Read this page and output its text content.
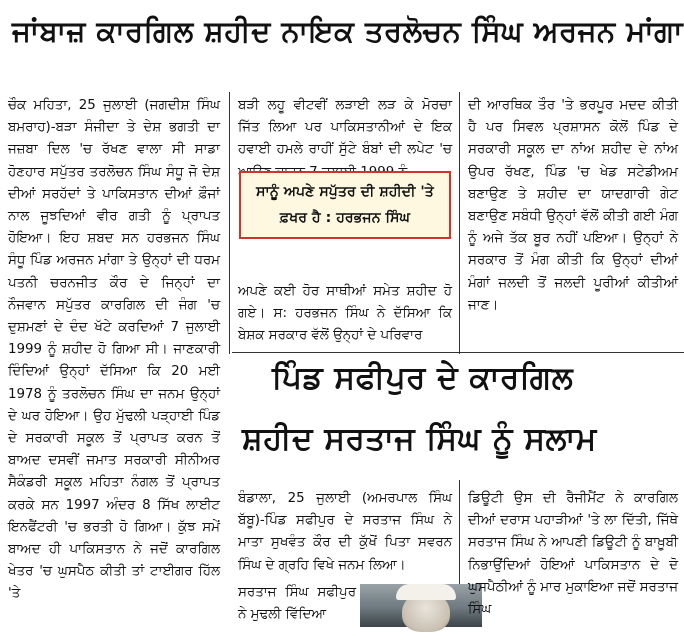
ਜਾਂਬਾਜ਼ ਕਾਰਗਿਲ ਸ਼ਹੀਦ ਨਾਇਕ ਤਰਲੋਚਨ ਸਿੰਘ ਅਰਜਨ ਮਾਂਗਾ

ਚੌਕ ਮਹਿਤਾ, 25 ਜੁਲਾਈ (ਜਗਦੀਸ਼ ਸਿੰਘ ਬਮਰਾਹ)-ਬੜਾ ਸੰਜੀਦਾ ਤੇ ਦੇਸ਼ ਭਗਤੀ ਦਾ ਜਜ਼ਬਾ ਦਿਲ 'ਚ ਰੱਖਣ ਵਾਲਾ ਸੀ ਸਾਡਾ ਹੋਣਹਾਰ ਸਪੁੱਤਰ ਤਰਲੋਚਨ ਸਿੰਘ ਸੰਧੂ ਜੋ ਦੇਸ਼ ਦੀਆਂ ਸਰਹੱਦਾਂ ਤੇ ਪਾਕਿਸਤਾਨ ਦੀਆਂ ਫ਼ੌਜਾਂ ਨਾਲ ਜੂਝਦਿਆਂ ਵੀਰ ਗਤੀ ਨੂੰ ਪ੍ਰਾਪਤ ਹੋਇਆ। ਇਹ ਸ਼ਬਦ ਸਨ ਹਰਭਜਨ ਸਿੰਘ ਸੰਧੂ ਪਿੰਡ ਅਰਜਨ ਮਾਂਗਾ ਤੇ ਉਨ੍ਹਾਂ ਦੀ ਧਰਮ ਪਤਨੀ ਚਰਨਜੀਤ ਕੌਰ ਦੇ ਜਿਨ੍ਹਾਂ ਦਾ ਨੌਜਵਾਨ ਸਪੁੱਤਰ ਕਾਰਗਿਲ ਦੀ ਜੰਗ 'ਚ ਦੁਸ਼ਮਣਾਂ ਦੇ ਦੰਦ ਖੱਟੇ ਕਰਦਿਆਂ 7 ਜੁਲਾਈ 1999 ਨੂੰ ਸ਼ਹੀਦ ਹੋ ਗਿਆ ਸੀ। ਜਾਣਕਾਰੀ ਦਿੰਦਿਆਂ ਉਨ੍ਹਾਂ ਦੱਸਿਆ ਕਿ 20 ਮਈ 1978 ਨੂੰ ਤਰਲੋਚਨ ਸਿੰਘ ਦਾ ਜਨਮ ਉਨ੍ਹਾਂ ਦੇ ਘਰ ਹੋਇਆ। ਉਹ ਮੁੱਢਲੀ ਪੜ੍ਹਾਈ ਪਿੰਡ ਦੇ ਸਰਕਾਰੀ ਸਕੂਲ ਤੋਂ ਪ੍ਰਾਪਤ ਕਰਨ ਤੋਂ ਬਾਅਦ ਦਸਵੀਂ ਜਮਾਤ ਸਰਕਾਰੀ ਸੀਨੀਅਰ ਸੈਕੰਡਰੀ ਸਕੂਲ ਮਹਿਤਾ ਨੰਗਲ ਤੋਂ ਪ੍ਰਾਪਤ ਕਰਕੇ ਸਨ 1997 ਅੰਦਰ 8 ਸਿੱਖ ਲਾਈਟ ਇਨਫੈਂਟਰੀ 'ਚ ਭਰਤੀ ਹੋ ਗਿਆ। ਕੁੱਝ ਸਮੇਂ ਬਾਅਦ ਹੀ ਪਾਕਿਸਤਾਨ ਨੇ ਜਦੋਂ ਕਾਰਗਿਲ ਖੇਤਰ 'ਚ ਘੁਸਪੈਠ ਕੀਤੀ ਤਾਂ ਟਾਈਗਰ ਹਿੱਲ 'ਤੇ

ਬੜੀ ਲਹੂ ਵੀਟਵੀਂ ਲੜਾਈ ਲੜ ਕੇ ਮੋਰਚਾ ਜਿੱਤ ਲਿਆ ਪਰ ਪਾਕਿਸਤਾਨੀਆਂ ਦੇ ਇਕ ਹਵਾਈ ਹਮਲੇ ਰਾਹੀਂ ਸੁੱਟੇ ਬੰਬਾਂ ਦੀ ਲਪੇਟ 'ਚ

ਸਾਨੂੰ ਅਪਣੇ ਸਪੁੱਤਰ ਦੀ ਸ਼ਹੀਦੀ 'ਤੇ ਫ਼ਖਰ ਹੈ : ਹਰਭਜਨ ਸਿੰਘ

ਅਪਣੇ ਕਈ ਹੋਰ ਸਾਥੀਆਂ ਸਮੇਤ ਸ਼ਹੀਦ ਹੋ ਗਏ। ਸ: ਹਰਭਜਨ ਸਿੰਘ ਨੇ ਦੱਸਿਆ ਕਿ ਬੇਸ਼ਕ ਸਰਕਾਰ ਵੱਲੋਂ ਉਨ੍ਹਾਂ ਦੇ ਪਰਿਵਾਰ

ਦੀ ਆਰਥਿਕ ਤੌਰ 'ਤੇ ਭਰਪੂਰ ਮਦਦ ਕੀਤੀ ਹੈ ਪਰ ਸਿਵਲ ਪ੍ਰਸ਼ਾਸਨ ਕੋਲੋਂ ਪਿੰਡ ਦੇ ਸਰਕਾਰੀ ਸਕੂਲ ਦਾ ਨਾਂਅ ਸ਼ਹੀਦ ਦੇ ਨਾਂਅ ਉਪਰ ਰੱਖਣ, ਪਿੰਡ 'ਚ ਖੇਡ ਸਟੇਡੀਅਮ ਬਣਾਉਣ ਤੇ ਸ਼ਹੀਦ ਦਾ ਯਾਦਗਾਰੀ ਗੇਟ ਬਣਾਉਣ ਸਬੰਧੀ ਉਨ੍ਹਾਂ ਵੱਲੋਂ ਕੀਤੀ ਗਈ ਮੰਗ ਨੂੰ ਅਜੇ ਤੱਕ ਬੂਰ ਨਹੀਂ ਪਇਆ। ਉਨ੍ਹਾਂ ਨੇ ਸਰਕਾਰ ਤੋਂ ਮੰਗ ਕੀਤੀ ਕਿ ਉਨ੍ਹਾਂ ਦੀਆਂ ਮੰਗਾਂ ਜਲਦੀ ਤੋਂ ਜਲਦੀ ਪੂਰੀਆਂ ਕੀਤੀਆਂ ਜਾਣ।

ਪਿੰਡ ਸਫੀਪੁਰ ਦੇ ਕਾਰਗਿਲ
ਸ਼ਹੀਦ ਸਰਤਾਜ ਸਿੰਘ ਨੂੰ ਸਲਾਮ

ਬੰਡਾਲਾ, 25 ਜੁਲਾਈ (ਅਮਰਪਾਲ ਸਿੰਘ ਬੱਬੂ)-ਪਿੰਡ ਸਫੀਪੁਰ ਦੇ ਸਰਤਾਜ ਸਿੰਘ ਨੇ ਮਾਤਾ ਸੁਖਵੰਤ ਕੌਰ ਦੀ ਕੁੱਖੋਂ ਪਿਤਾ ਸਵਰਨ ਸਿੰਘ ਦੇ ਗ੍ਰਹਿ ਵਿਖੇ ਜਨਮ ਲਿਆ।

ਸਰਤਾਜ ਸਿੰਘ ਸਫੀਪੁਰ ਨੇ ਮੁਢਲੀ ਵਿੱਦਿਆ

ਡਿਊਟੀ ਉਸ ਦੀ ਰੈਜੀਮੈਂਟ ਨੇ ਕਾਰਗਿਲ ਦੀਆਂ ਦਰਾਸ ਪਹਾੜੀਆਂ 'ਤੇ ਲਾ ਦਿੱਤੀ, ਜਿੱਥੇ ਸਰਤਾਜ ਸਿੰਘ ਨੇ ਆਪਣੀ ਡਿਊਟੀ ਨੂੰ ਬਾਖ਼ੂਬੀ ਨਿਭਾਉਂਦਿਆਂ ਹੋਇਆਂ ਪਾਕਿਸਤਾਨ ਦੇ ਦੋ ਘੁਸਪੈਠੀਆਂ ਨੂੰ ਮਾਰ ਮੁਕਾਇਆ ਜਦੋਂ ਸਰਤਾਜ ਸਿੰਘ
